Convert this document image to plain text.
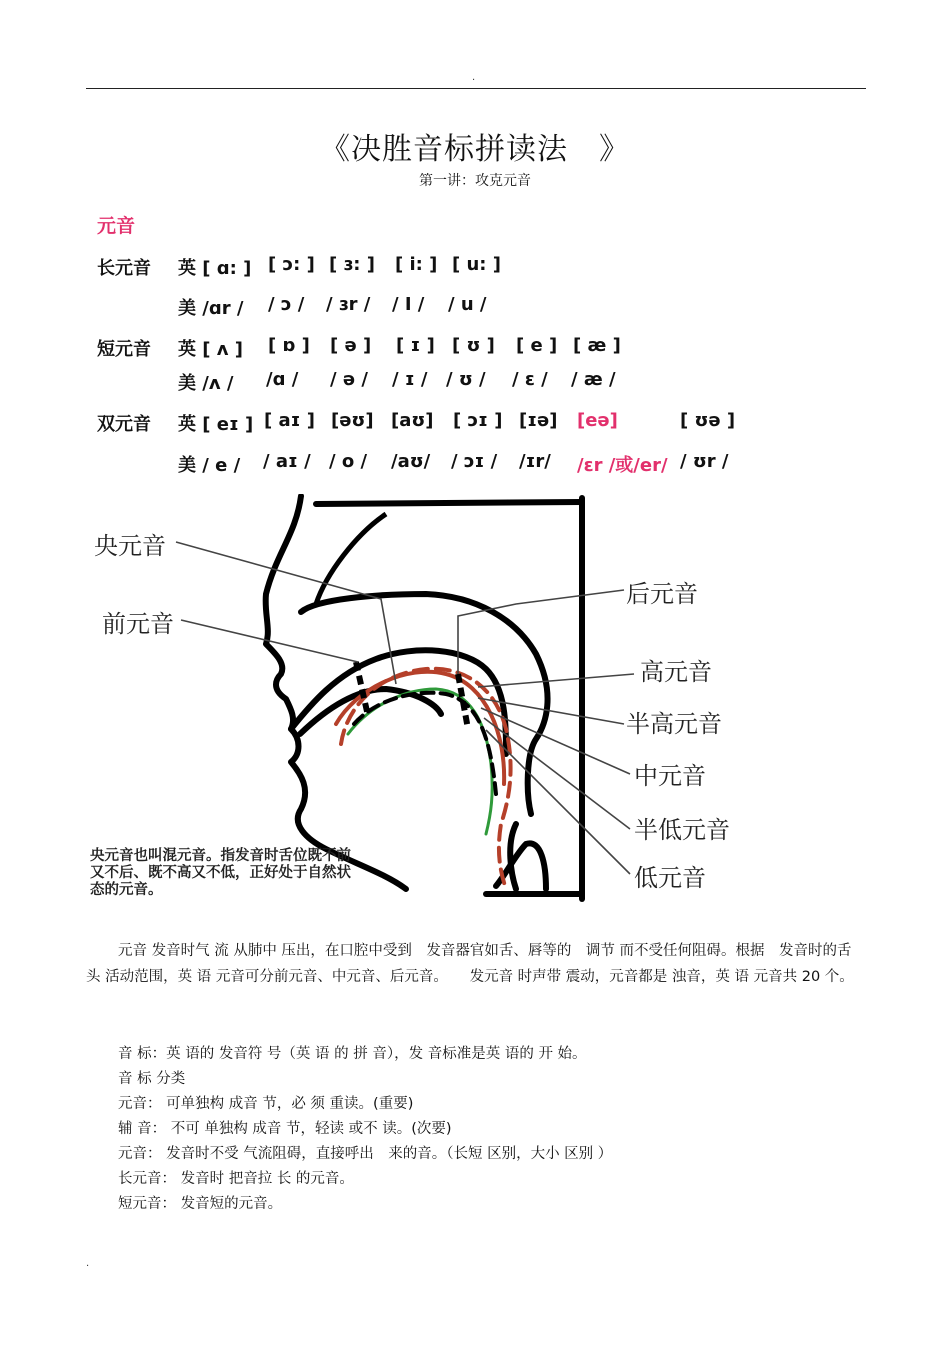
.
《决胜音标拼读法　》
第一讲：攻克元音
元音
长元音 英 [ ɑ: ] [ ɔ: ] [ ɜ: ] [ i: ] [ u: ]
美 /ɑr / / ɔ / / ɜr / / I / / u /
短元音 英 [ ʌ ] [ ɒ ] [ ə ] [ ɪ ] [ ʊ ] [ e ] [ æ ]
美 /ʌ / /ɑ / / ə / / ɪ / / ʊ / / ɛ / / æ /
双元音 英 [ eɪ ] [ aɪ ] [əʊ] [aʊ] [ ɔɪ ] [ɪə] [eə]	[ ʊə ]
美 / e / / aɪ / / o / /aʊ/ / ɔɪ / /ɪr/ /ɛr /或/er/ / ʊr /
央元音
前元音
后元音
高元音
半高元音
中元音
半低元音
低元音
央元音也叫混元音。指发音时舌位既不前
又不后、既不高又不低，正好处于自然状
态的元音。

元音 发音时气 流 从肺中 压出，在口腔中受到　发音器官如舌、唇等的　调节 而不受任何阻碍。根据　发音时的舌头 活动范围，英 语 元音可分前元音、中元音、后元音。　　发元音 时声带 震动，元音都是 浊音，英 语 元音共 20 个。

音 标：英 语的 发音符 号（英 语 的 拼 音），发 音标准是英 语的 开 始。
音 标 分类
元音： 可单独构 成音 节，必 须 重读。(重要)
辅 音： 不可 单独构 成音 节，轻读 或不 读。(次要)
元音： 发音时不受 气流阻碍，直接呼出　来的音。（长短 区别，大小 区别 ）
长元音： 发音时 把音拉 长 的元音。
短元音： 发音短的元音。
.
